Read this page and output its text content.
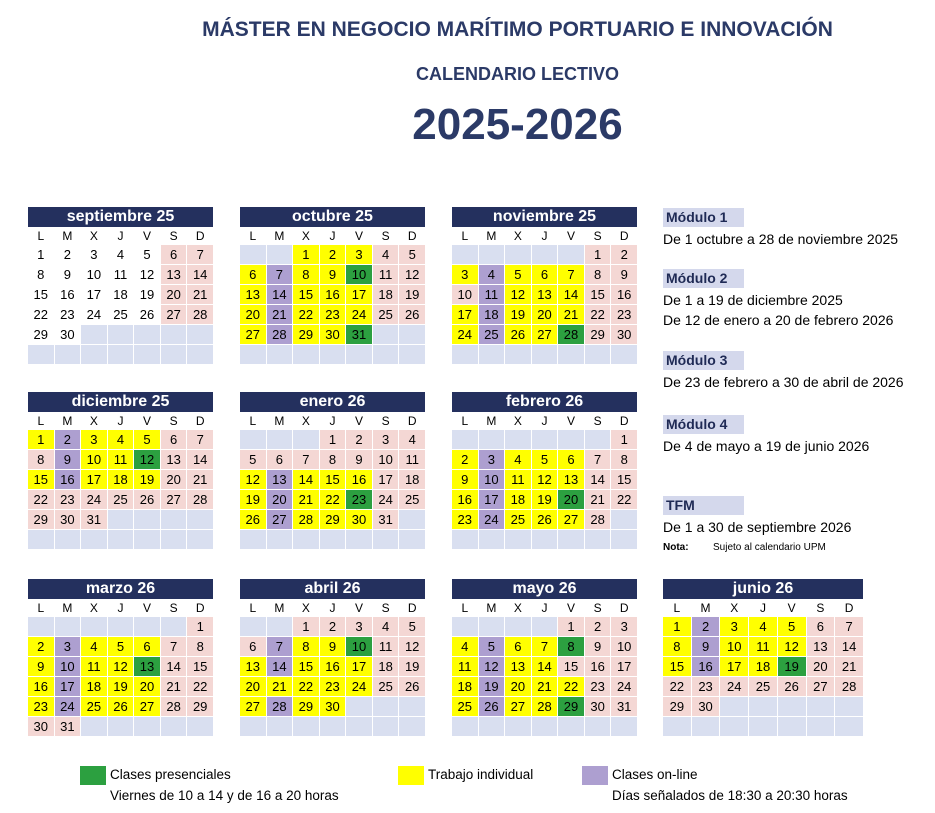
MÁSTER EN NEGOCIO MARÍTIMO PORTUARIO E INNOVACIÓN
CALENDARIO LECTIVO
2025-2026
septiembre 25						
L	M	X	J	V	S	D
1	2	3	4	5	6	7
8	9	10	11	12	13	14
15	16	17	18	19	20	21
22	23	24	25	26	27	28
29	30					

octubre 25						
L	M	X	J	V	S	D
		1	2	3	4	5
6	7	8	9	10	11	12
13	14	15	16	17	18	19
20	21	22	23	24	25	26
27	28	29	30	31		

noviembre 25						
L	M	X	J	V	S	D
					1	2
3	4	5	6	7	8	9
10	11	12	13	14	15	16
17	18	19	20	21	22	23
24	25	26	27	28	29	30

diciembre 25						
L	M	X	J	V	S	D
1	2	3	4	5	6	7
8	9	10	11	12	13	14
15	16	17	18	19	20	21
22	23	24	25	26	27	28
29	30	31				

enero 26						
L	M	X	J	V	S	D
			1	2	3	4
5	6	7	8	9	10	11
12	13	14	15	16	17	18
19	20	21	22	23	24	25
26	27	28	29	30	31	

febrero 26						
L	M	X	J	V	S	D
						1
2	3	4	5	6	7	8
9	10	11	12	13	14	15
16	17	18	19	20	21	22
23	24	25	26	27	28	

marzo 26						
L	M	X	J	V	S	D
						1
2	3	4	5	6	7	8
9	10	11	12	13	14	15
16	17	18	19	20	21	22
23	24	25	26	27	28	29
30	31					
abril 26						
L	M	X	J	V	S	D
		1	2	3	4	5
6	7	8	9	10	11	12
13	14	15	16	17	18	19
20	21	22	23	24	25	26
27	28	29	30			

mayo 26						
L	M	X	J	V	S	D
				1	2	3
4	5	6	7	8	9	10
11	12	13	14	15	16	17
18	19	20	21	22	23	24
25	26	27	28	29	30	31

junio 26						
L	M	X	J	V	S	D
1	2	3	4	5	6	7
8	9	10	11	12	13	14
15	16	17	18	19	20	21
22	23	24	25	26	27	28
29	30					

Módulo 1
De 1 octubre a 28 de noviembre 2025
Módulo 2
De 1 a 19 de diciembre 2025
De 12 de enero a 20 de febrero 2026
Módulo 3
De 23 de febrero a 30 de abril de 2026
Módulo 4
De 4 de mayo a 19 de junio 2026
TFM
De 1 a 30 de septiembre 2026
Nota: Sujeto al calendario UPM
Clases presenciales
Viernes de 10 a 14 y de 16 a 20 horas
Trabajo individual	Clases on-line
Días señalados de 18:30 a 20:30 horas
